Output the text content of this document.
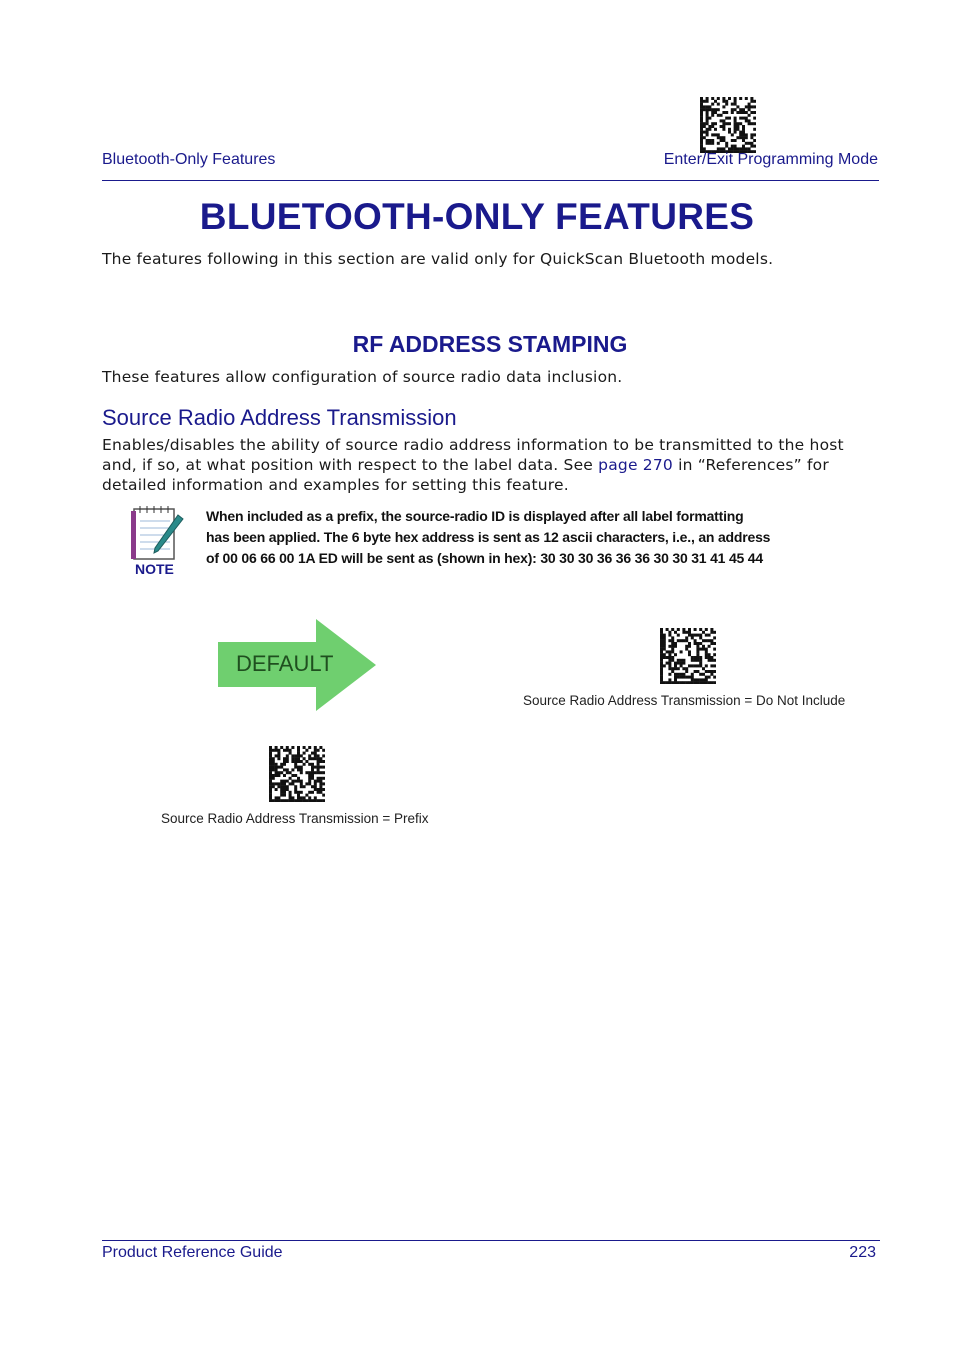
Bluetooth-Only Features	Enter/Exit Programming Mode
BLUETOOTH-ONLY FEATURES
The features following in this section are valid only for QuickScan Bluetooth models.
RF ADDRESS STAMPING
These features allow configuration of source radio data inclusion.
Source Radio Address Transmission
Enables/disables the ability of source radio address information to be transmitted to the host
and, if so, at what position with respect to the label data. See page 270 in “References” for
detailed information and examples for setting this feature.
NOTE
When included as a prefix, the source-radio ID is displayed after all label formatting
has been applied. The 6 byte hex address is sent as 12 ascii characters, i.e., an address
of 00 06 66 00 1A ED will be sent as (shown in hex): 30 30 30 36 36 36 30 30 31 41 45 44
DEFAULT
Source Radio Address Transmission = Do Not Include
Source Radio Address Transmission = Prefix
Product Reference Guide	223
